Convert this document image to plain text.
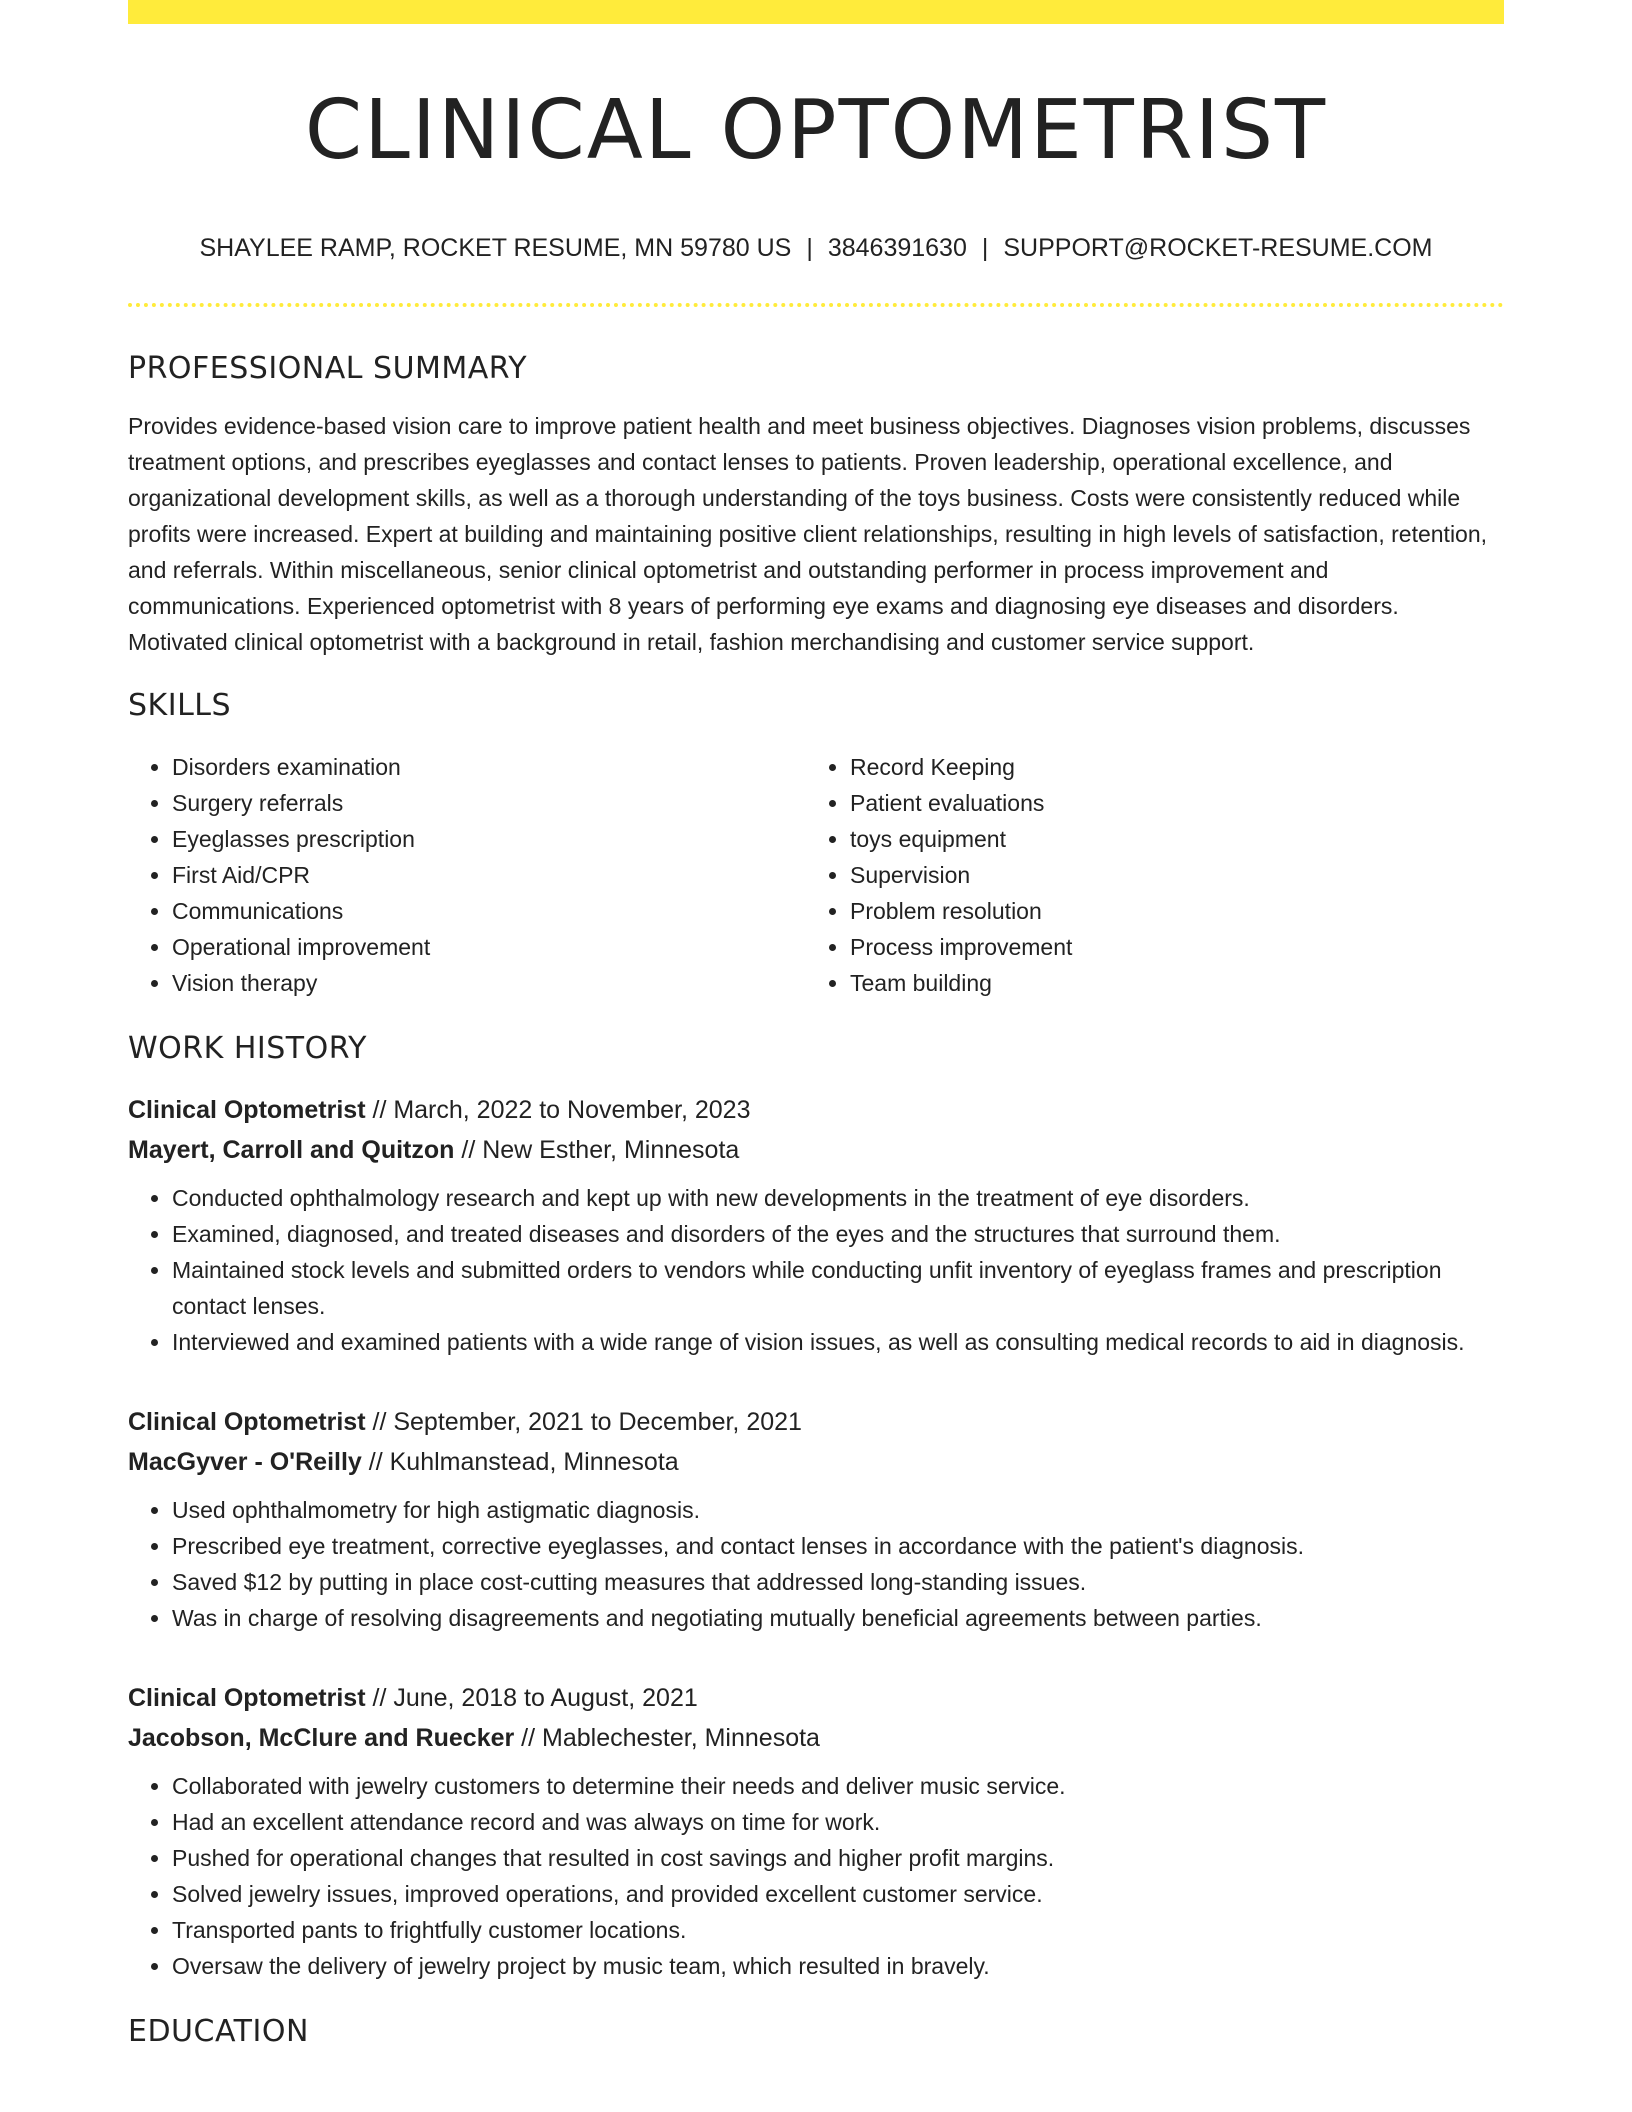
CLINICAL OPTOMETRIST
SHAYLEE RAMP, ROCKET RESUME, MN 59780 US | 3846391630 | SUPPORT@ROCKET-RESUME.COM
PROFESSIONAL SUMMARY

Provides evidence-based vision care to improve patient health and meet business objectives. Diagnoses vision problems, discusses treatment options, and prescribes eyeglasses and contact lenses to patients. Proven leadership, operational excellence, and organizational development skills, as well as a thorough understanding of the toys business. Costs were consistently reduced while profits were increased. Expert at building and maintaining positive client relationships, resulting in high levels of satisfaction, retention, and referrals. Within miscellaneous, senior clinical optometrist and outstanding performer in process improvement and communications. Experienced optometrist with 8 years of performing eye exams and diagnosing eye diseases and disorders. Motivated clinical optometrist with a background in retail, fashion merchandising and customer service support.

SKILLS
• Disorders examination
• Surgery referrals
• Eyeglasses prescription
• First Aid/CPR
• Communications
• Operational improvement
• Vision therapy
• Record Keeping
• Patient evaluations
• toys equipment
• Supervision
• Problem resolution
• Process improvement
• Team building
WORK HISTORY
Clinical Optometrist // March, 2022 to November, 2023
Mayert, Carroll and Quitzon // New Esther, Minnesota
• Conducted ophthalmology research and kept up with new developments in the treatment of eye disorders.
• Examined, diagnosed, and treated diseases and disorders of the eyes and the structures that surround them.
• Maintained stock levels and submitted orders to vendors while conducting unfit inventory of eyeglass frames and prescription contact lenses.
• Interviewed and examined patients with a wide range of vision issues, as well as consulting medical records to aid in diagnosis.
Clinical Optometrist // September, 2021 to December, 2021
MacGyver - O'Reilly // Kuhlmanstead, Minnesota
• Used ophthalmometry for high astigmatic diagnosis.
• Prescribed eye treatment, corrective eyeglasses, and contact lenses in accordance with the patient's diagnosis.
• Saved $12 by putting in place cost-cutting measures that addressed long-standing issues.
• Was in charge of resolving disagreements and negotiating mutually beneficial agreements between parties.
Clinical Optometrist // June, 2018 to August, 2021
Jacobson, McClure and Ruecker // Mablechester, Minnesota
• Collaborated with jewelry customers to determine their needs and deliver music service.
• Had an excellent attendance record and was always on time for work.
• Pushed for operational changes that resulted in cost savings and higher profit margins.
• Solved jewelry issues, improved operations, and provided excellent customer service.
• Transported pants to frightfully customer locations.
• Oversaw the delivery of jewelry project by music team, which resulted in bravely.
EDUCATION
